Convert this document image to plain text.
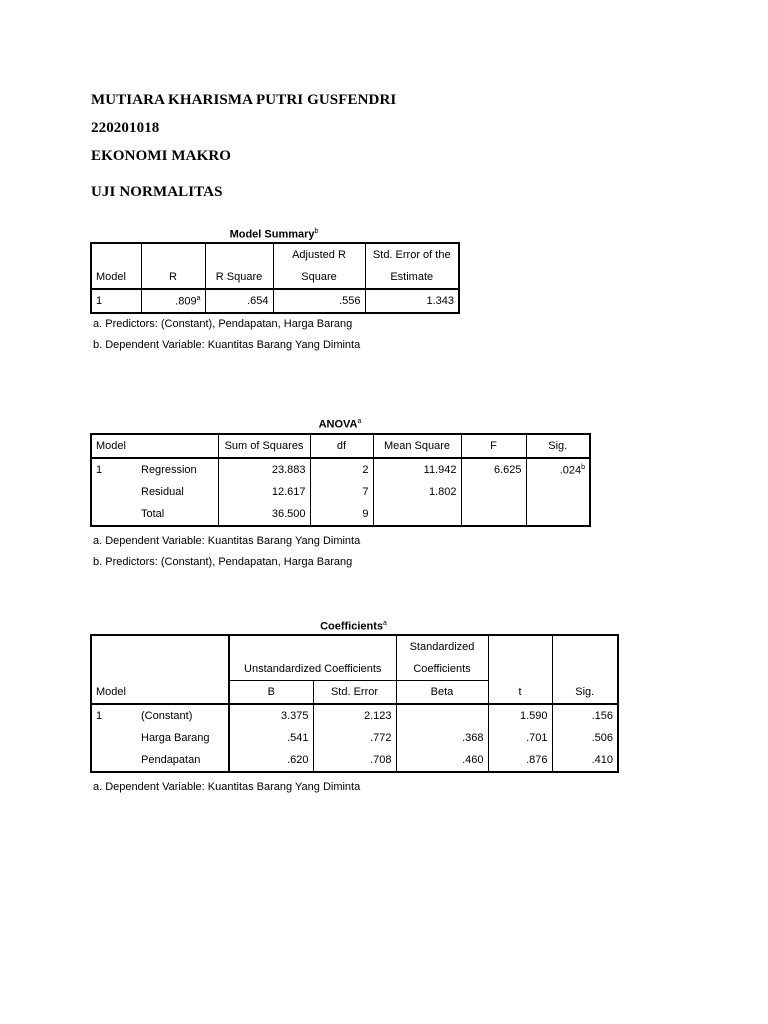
MUTIARA KHARISMA PUTRI GUSFENDRI
220201018
EKONOMI MAKRO
UJI NORMALITAS
Model Summary$^b$
			Adjusted R	Std. Error of the
Model	R	R Square	Square	Estimate
1	.809$^a$	.654	.556	1.343
a. Predictors: (Constant), Pendapatan, Harga Barang
b. Dependent Variable: Kuantitas Barang Yang Diminta
ANOVA$^a$
Model		Sum of Squares	df	Mean Square	F	Sig.
1	Regression	23.883	2	11.942	6.625	.024$^b$
	Residual	12.617	7	1.802		
	Total	36.500	9			
a. Dependent Variable: Kuantitas Barang Yang Diminta
b. Predictors: (Constant), Pendapatan, Harga Barang
Coefficients$^a$
				Standardized		
		Unstandardized Coefficients		Coefficients		
Model		B	Std. Error	Beta	t	Sig.
1	(Constant)	3.375	2.123		1.590	.156
	Harga Barang	.541	.772	.368	.701	.506
	Pendapatan	.620	.708	.460	.876	.410
a. Dependent Variable: Kuantitas Barang Yang Diminta
